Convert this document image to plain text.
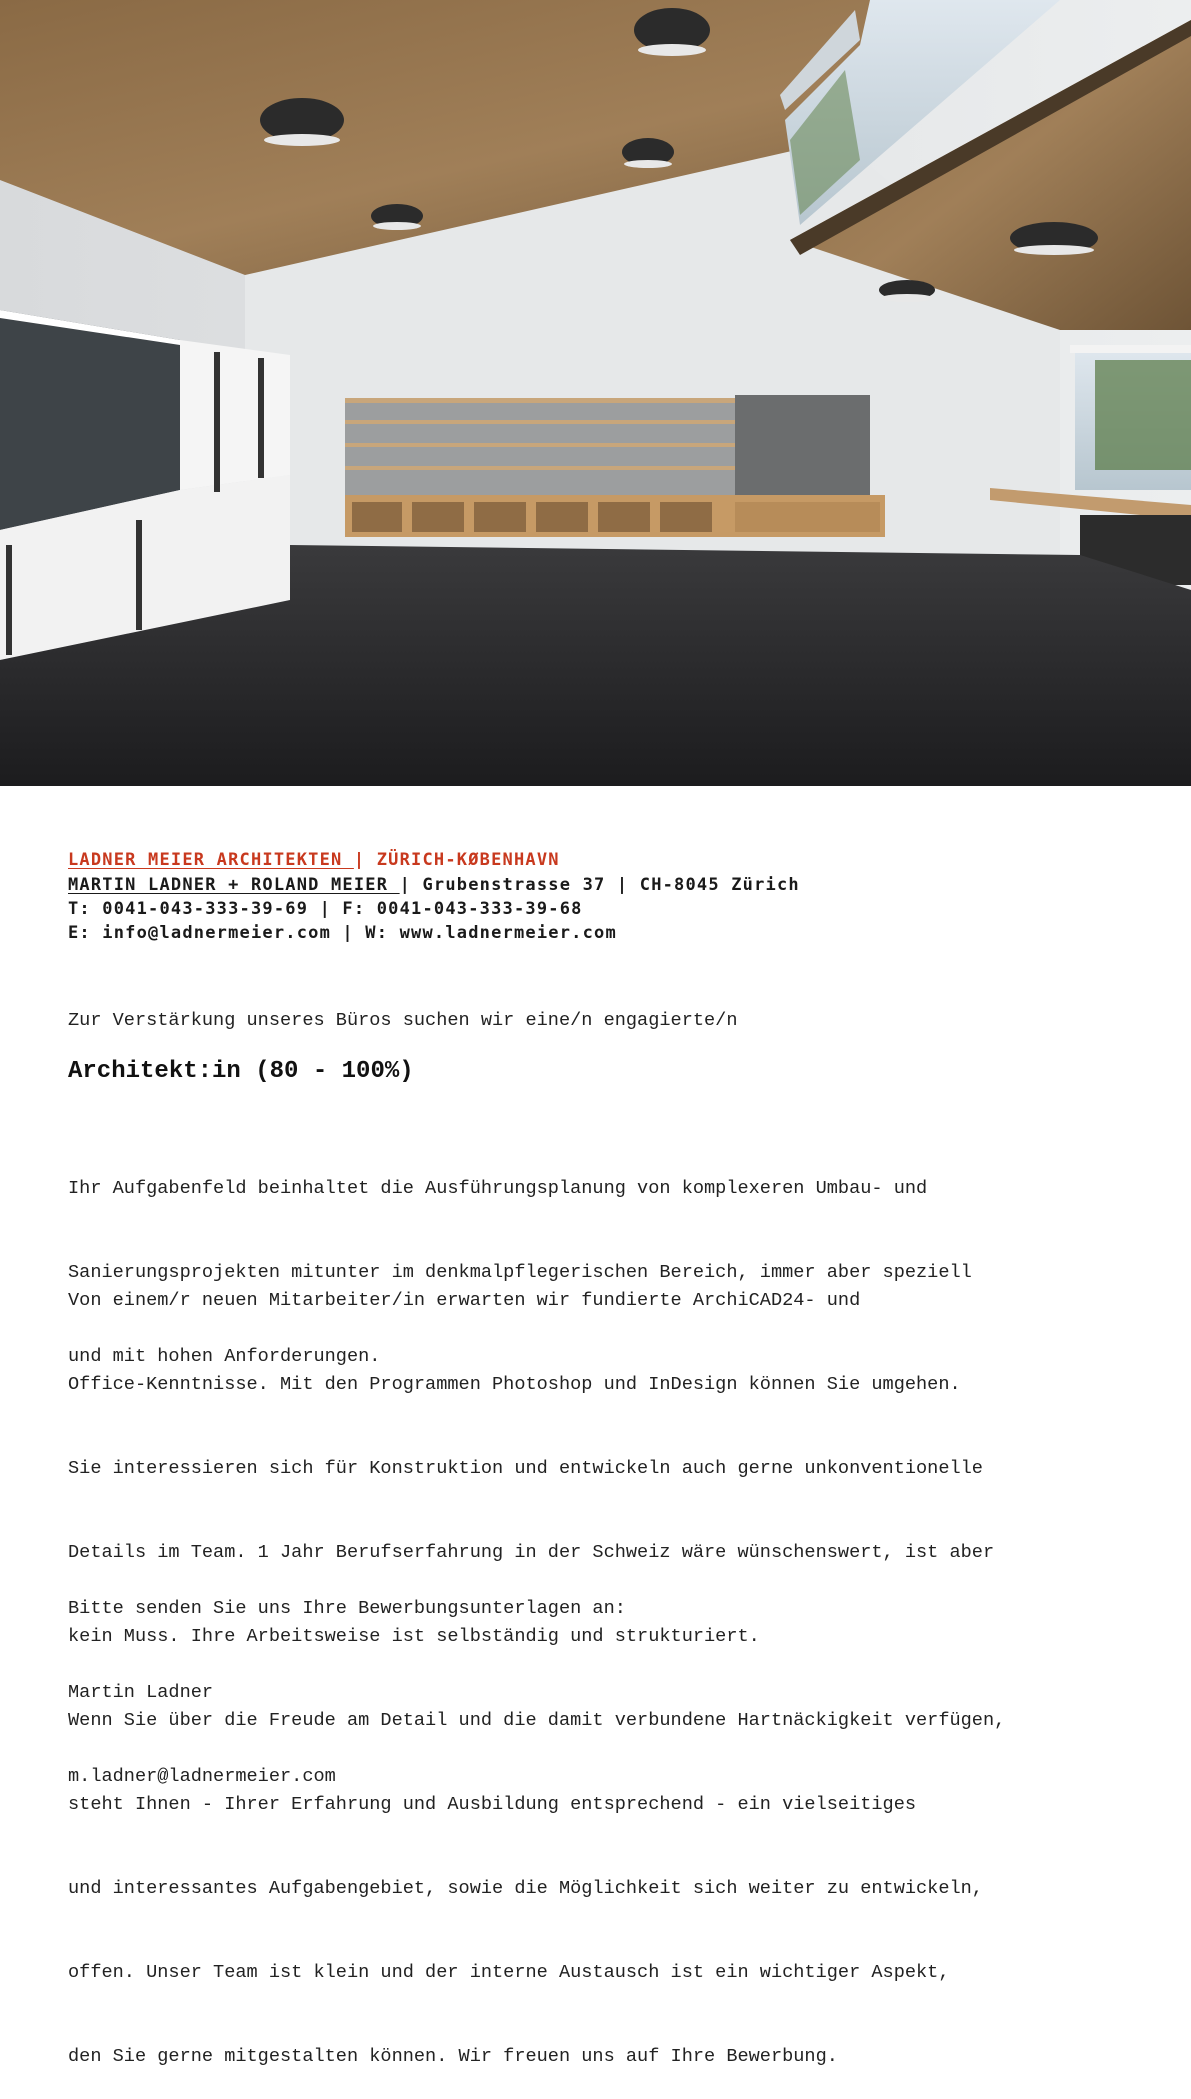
LADNER MEIER ARCHITEKTEN | ZÜRICH-KØBENHAVN
MARTIN LADNER + ROLAND MEIER | Grubenstrasse 37 | CH-8045 Zürich
T: 0041-043-333-39-69 | F: 0041-043-333-39-68
E: info@ladnermeier.com | W: www.ladnermeier.com
Zur Verstärkung unseres Büros suchen wir eine/n engagierte/n
Architekt:in (80 - 100%)

Ihr Aufgabenfeld beinhaltet die Ausführungsplanung von komplexeren Umbau- und

Sanierungsprojekten mitunter im denkmalpflegerischen Bereich, immer aber speziell

und mit hohen Anforderungen.

Von einem/r neuen Mitarbeiter/in erwarten wir fundierte ArchiCAD24- und

Office-Kenntnisse. Mit den Programmen Photoshop und InDesign können Sie umgehen.

Sie interessieren sich für Konstruktion und entwickeln auch gerne unkonventionelle

Details im Team. 1 Jahr Berufserfahrung in der Schweiz wäre wünschenswert, ist aber

kein Muss. Ihre Arbeitsweise ist selbständig und strukturiert.

Wenn Sie über die Freude am Detail und die damit verbundene Hartnäckigkeit verfügen,

steht Ihnen - Ihrer Erfahrung und Ausbildung entsprechend - ein vielseitiges

und interessantes Aufgabengebiet, sowie die Möglichkeit sich weiter zu entwickeln,

offen. Unser Team ist klein und der interne Austausch ist ein wichtiger Aspekt,

den Sie gerne mitgestalten können. Wir freuen uns auf Ihre Bewerbung.

Bitte senden Sie uns Ihre Bewerbungsunterlagen an:

Martin Ladner

m.ladner@ladnermeier.com
